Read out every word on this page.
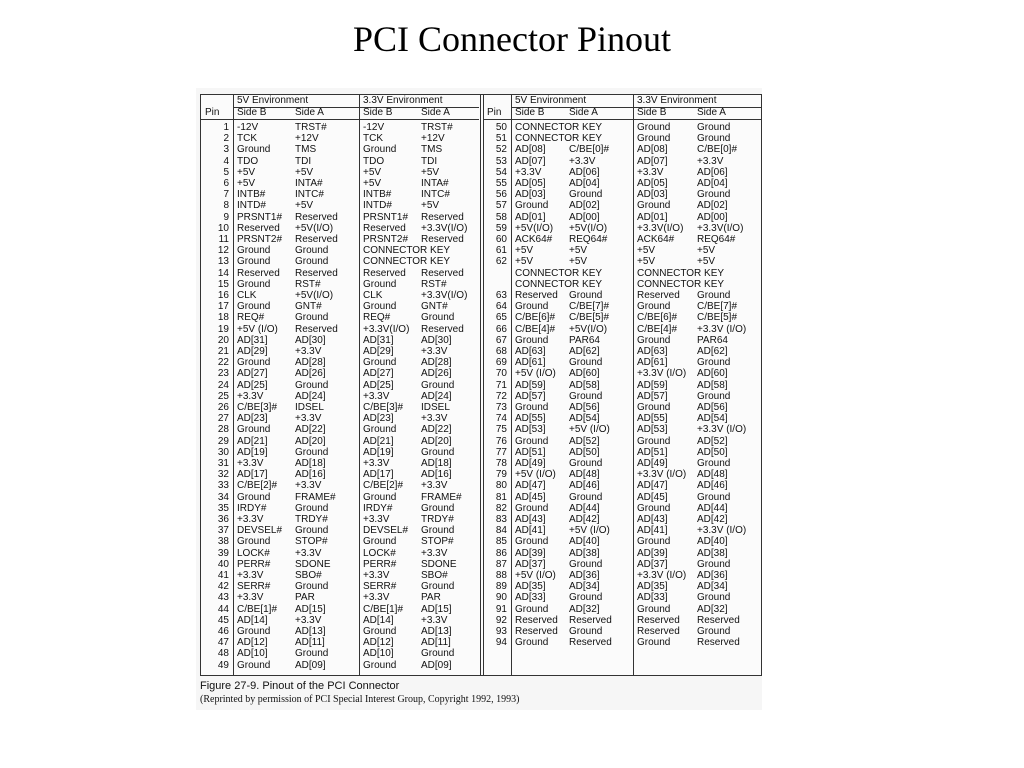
PCI Connector Pinout
5V Environment	3.3V Environment
Pin Side B	Side A	Side B	Side A
1 -12V	TRST#	-12V	TRST#
2 TCK	+12V	TCK	+12V
3 Ground TMS	Ground TMS
4 TDO	TDI	TDO	TDI
5 +5V	+5V	+5V	+5V
6 +5V	INTA#	+5V	INTA#
7 INTB#	INTC#	INTB#	INTC#
8 INTD#	+5V	INTD#	+5V
9 PRSNT1# Reserved	PRSNT1# Reserved
10 Reserved +5V(I/O)	Reserved +3.3V(I/O)
11 PRSNT2# Reserved	PRSNT2# Reserved
12 Ground Ground	CONNECTOR KEY
13 Ground Ground	CONNECTOR KEY
14 Reserved Reserved	Reserved Reserved
15 Ground RST#	Ground RST#
16 CLK	+5V(I/O)	CLK	+3.3V(I/O)
17 Ground GNT#	Ground GNT#
18 REQ#	Ground	REQ#	Ground
19 +5V (I/O) Reserved	+3.3V(I/O) Reserved
20 AD[31]	AD[30]	AD[31]	AD[30]
21 AD[29]	+3.3V	AD[29]	+3.3V
22 Ground AD[28]	Ground AD[28]
23 AD[27]	AD[26]	AD[27]	AD[26]
24 AD[25]	Ground	AD[25]	Ground
25 +3.3V	AD[24]	+3.3V	AD[24]
26 C/BE[3]# IDSEL	C/BE[3]# IDSEL
27 AD[23]	+3.3V	AD[23]	+3.3V
28 Ground AD[22]	Ground AD[22]
29 AD[21]	AD[20]	AD[21]	AD[20]
30 AD[19]	Ground	AD[19]	Ground
31 +3.3V	AD[18]	+3.3V	AD[18]
32 AD[17]	AD[16]	AD[17]	AD[16]
33 C/BE[2]# +3.3V	C/BE[2]# +3.3V
34 Ground FRAME#	Ground FRAME#
35 IRDY#	Ground	IRDY#	Ground
36 +3.3V	TRDY#	+3.3V	TRDY#
37 DEVSEL# Ground	DEVSEL# Ground
38 Ground STOP#	Ground STOP#
39 LOCK#	+3.3V	LOCK#	+3.3V
40 PERR# SDONE	PERR# SDONE
41 +3.3V	SBO#	+3.3V	SBO#
42 SERR# Ground	SERR# Ground
43 +3.3V	PAR	+3.3V	PAR
44 C/BE[1]# AD[15]	C/BE[1]# AD[15]
45 AD[14]	+3.3V	AD[14]	+3.3V
46 Ground AD[13]	Ground AD[13]
47 AD[12]	AD[11]	AD[12]	AD[11]
48 AD[10]	Ground	AD[10]	Ground
49 Ground AD[09]	Ground AD[09]
5V Environment	3.3V Environment
Pin Side B Side A	Side B	Side A
50 CONNECTOR KEY	Ground	Ground
51 CONNECTOR KEY	Ground	Ground
52 AD[08] C/BE[0]#	AD[08]	C/BE[0]#
53 AD[07] +3.3V	AD[07]	+3.3V
54 +3.3V	AD[06]	+3.3V	AD[06]
55 AD[05] AD[04]	AD[05]	AD[04]
56 AD[03] Ground	AD[03]	Ground
57 Ground AD[02]	Ground	AD[02]
58 AD[01] AD[00]	AD[01]	AD[00]
59 +5V(I/O) +5V(I/O)	+3.3V(I/O) +3.3V(I/O)
60 ACK64# REQ64#	ACK64# REQ64#
61 +5V	+5V	+5V	+5V
62 +5V	+5V	+5V	+5V
CONNECTOR KEY	CONNECTOR KEY
CONNECTOR KEY	CONNECTOR KEY
63 Reserved Ground	Reserved Ground
64 Ground C/BE[7]#	Ground	C/BE[7]#
65 C/BE[6]# C/BE[5]#	C/BE[6]# C/BE[5]#
66 C/BE[4]# +5V(I/O)	C/BE[4]# +3.3V (I/O)
67 Ground PAR64	Ground	PAR64
68 AD[63] AD[62]	AD[63]	AD[62]
69 AD[61] Ground	AD[61]	Ground
70 +5V (I/O) AD[60]	+3.3V (I/O) AD[60]
71 AD[59] AD[58]	AD[59]	AD[58]
72 AD[57] Ground	AD[57]	Ground
73 Ground AD[56]	Ground	AD[56]
74 AD[55] AD[54]	AD[55]	AD[54]
75 AD[53] +5V (I/O)	AD[53]	+3.3V (I/O)
76 Ground AD[52]	Ground	AD[52]
77 AD[51] AD[50]	AD[51]	AD[50]
78 AD[49] Ground	AD[49]	Ground
79 +5V (I/O) AD[48]	+3.3V (I/O) AD[48]
80 AD[47] AD[46]	AD[47]	AD[46]
81 AD[45] Ground	AD[45]	Ground
82 Ground AD[44]	Ground	AD[44]
83 AD[43] AD[42]	AD[43]	AD[42]
84 AD[41] +5V (I/O)	AD[41]	+3.3V (I/O)
85 Ground AD[40]	Ground	AD[40]
86 AD[39] AD[38]	AD[39]	AD[38]
87 AD[37] Ground	AD[37]	Ground
88 +5V (I/O) AD[36]	+3.3V (I/O) AD[36]
89 AD[35] AD[34]	AD[35]	AD[34]
90 AD[33] Ground	AD[33]	Ground
91 Ground AD[32]	Ground	AD[32]
92 Reserved Reserved	Reserved Reserved
93 Reserved Ground	Reserved Ground
94 Ground Reserved	Ground	Reserved
Figure 27-9. Pinout of the PCI Connector
(Reprinted by permission of PCI Special Interest Group, Copyright 1992, 1993)
